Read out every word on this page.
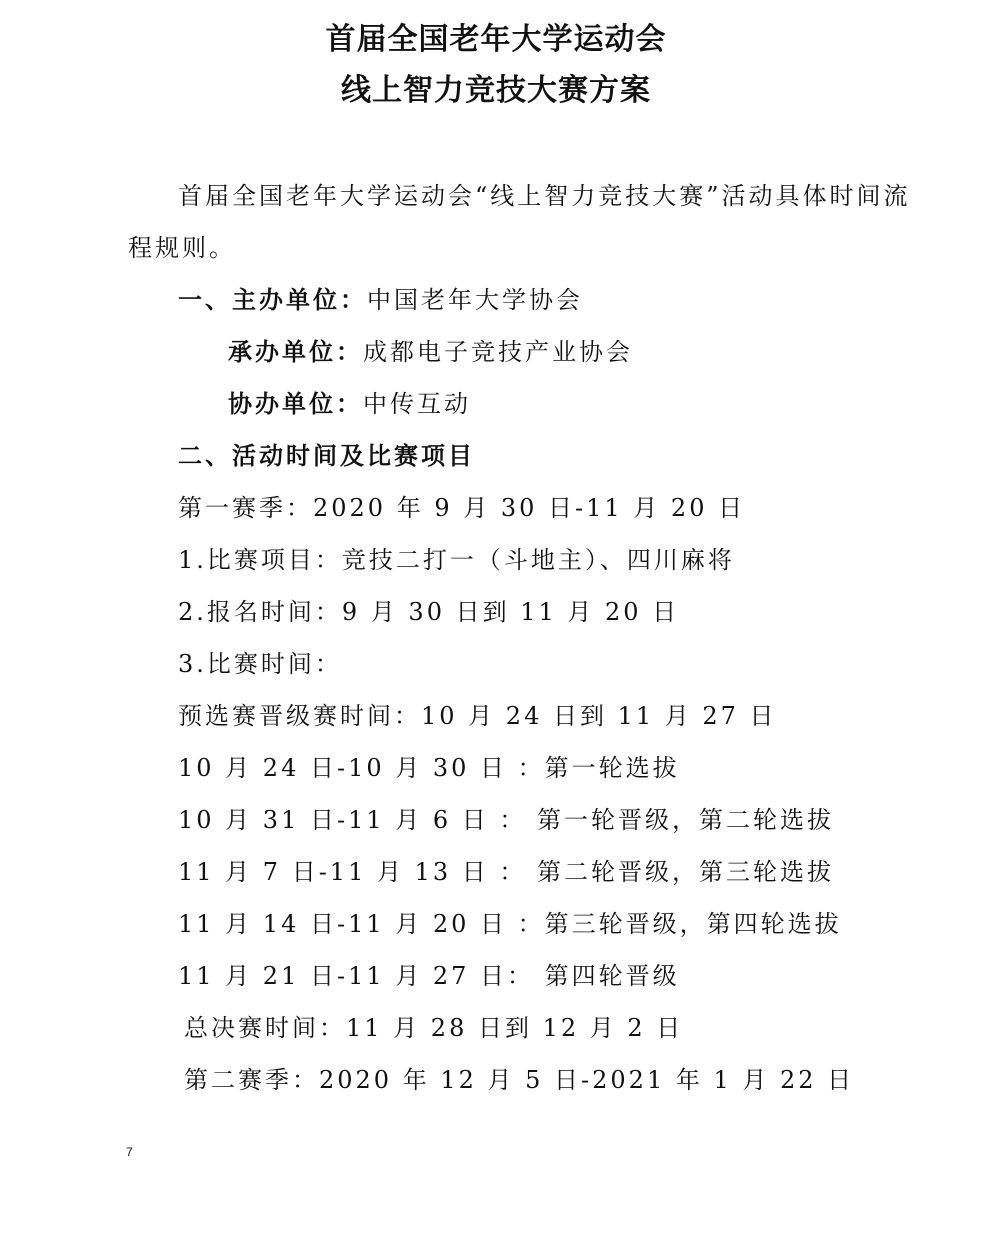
首届全国老年大学运动会
线上智力竞技大赛方案
首届全国老年大学运动会“线上智力竞技大赛”活动具体时间流
程规则。
一、主办单位：中国老年大学协会
承办单位：成都电子竞技产业协会
协办单位：中传互动
二、活动时间及比赛项目
第一赛季：2020 年 9 月 30 日-11 月 20 日
1.比赛项目：竞技二打一（斗地主）、四川麻将
2.报名时间：9 月 30 日到 11 月 20 日
3.比赛时间：
预选赛晋级赛时间：10 月 24 日到 11 月 27 日
10 月 24 日-10 月 30 日 ：第一轮选拔
10 月 31 日-11 月 6 日 ： 第一轮晋级，第二轮选拔
11 月 7 日-11 月 13 日 ： 第二轮晋级，第三轮选拔
11 月 14 日-11 月 20 日 ：第三轮晋级，第四轮选拔
11 月 21 日-11 月 27 日： 第四轮晋级
总决赛时间：11 月 28 日到 12 月 2 日
第二赛季：2020 年 12 月 5 日-2021 年 1 月 22 日
7
